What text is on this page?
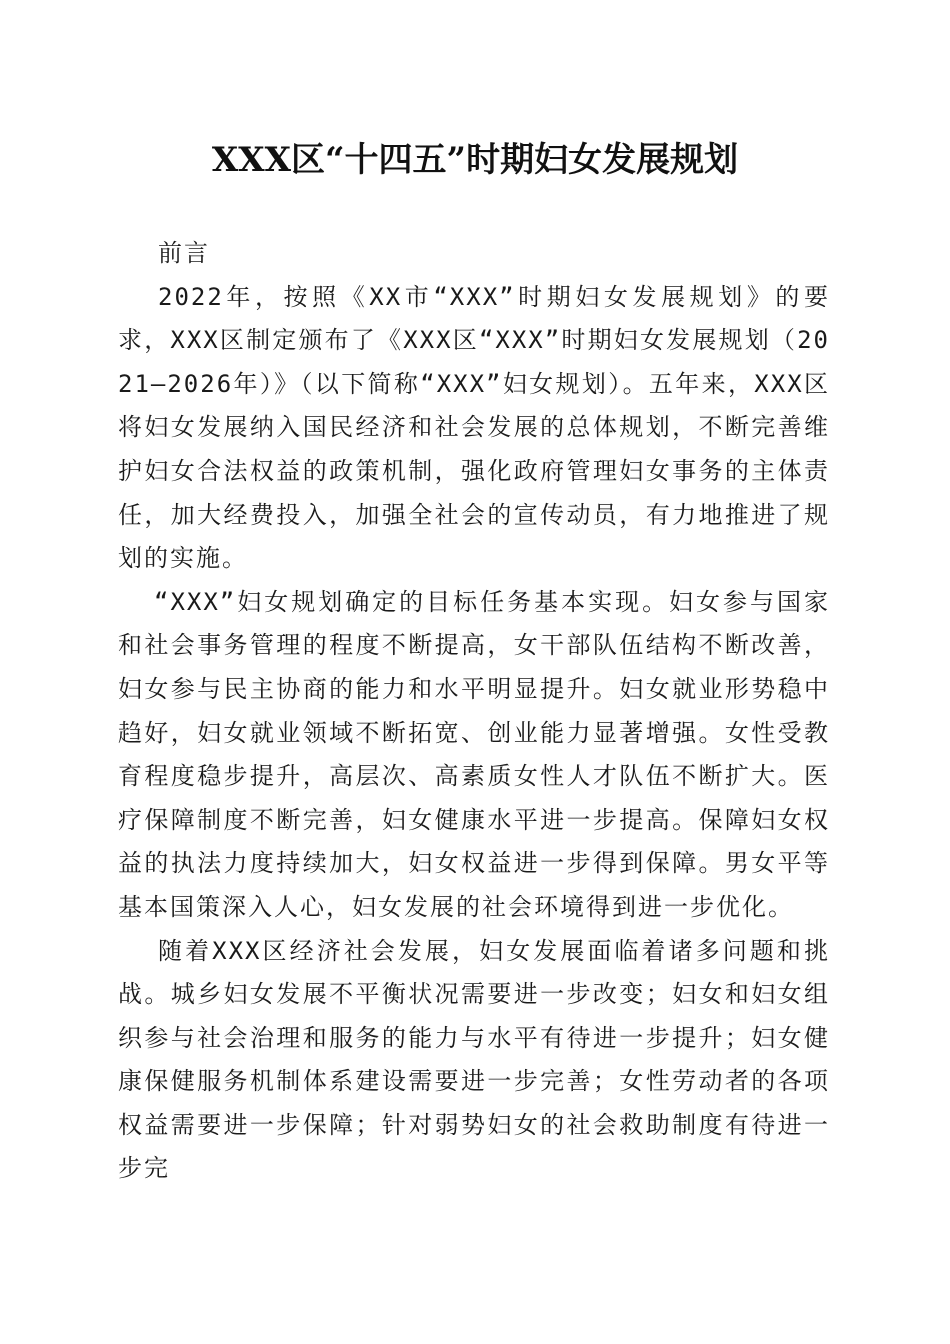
XXX区“十四五”时期妇女发展规划

前言

2022年，按照《XX市“XXX”时期妇女发展规划》的要求，XXX区制定颁布了《XXX区“XXX”时期妇女发展规划（2021—2026年）》（以下简称“XXX”妇女规划）。五年来，XXX区将妇女发展纳入国民经济和社会发展的总体规划，不断完善维护妇女合法权益的政策机制，强化政府管理妇女事务的主体责任，加大经费投入，加强全社会的宣传动员，有力地推进了规划的实施。

“XXX”妇女规划确定的目标任务基本实现。妇女参与国家和社会事务管理的程度不断提高，女干部队伍结构不断改善，妇女参与民主协商的能力和水平明显提升。妇女就业形势稳中趋好，妇女就业领域不断拓宽、创业能力显著增强。女性受教育程度稳步提升，高层次、高素质女性人才队伍不断扩大。医疗保障制度不断完善，妇女健康水平进一步提高。保障妇女权益的执法力度持续加大，妇女权益进一步得到保障。男女平等基本国策深入人心，妇女发展的社会环境得到进一步优化。

随着XXX区经济社会发展，妇女发展面临着诸多问题和挑战。城乡妇女发展不平衡状况需要进一步改变；妇女和妇女组织参与社会治理和服务的能力与水平有待进一步提升；妇女健康保健服务机制体系建设需要进一步完善；女性劳动者的各项权益需要进一步保障；针对弱势妇女的社会救助制度有待进一步完
